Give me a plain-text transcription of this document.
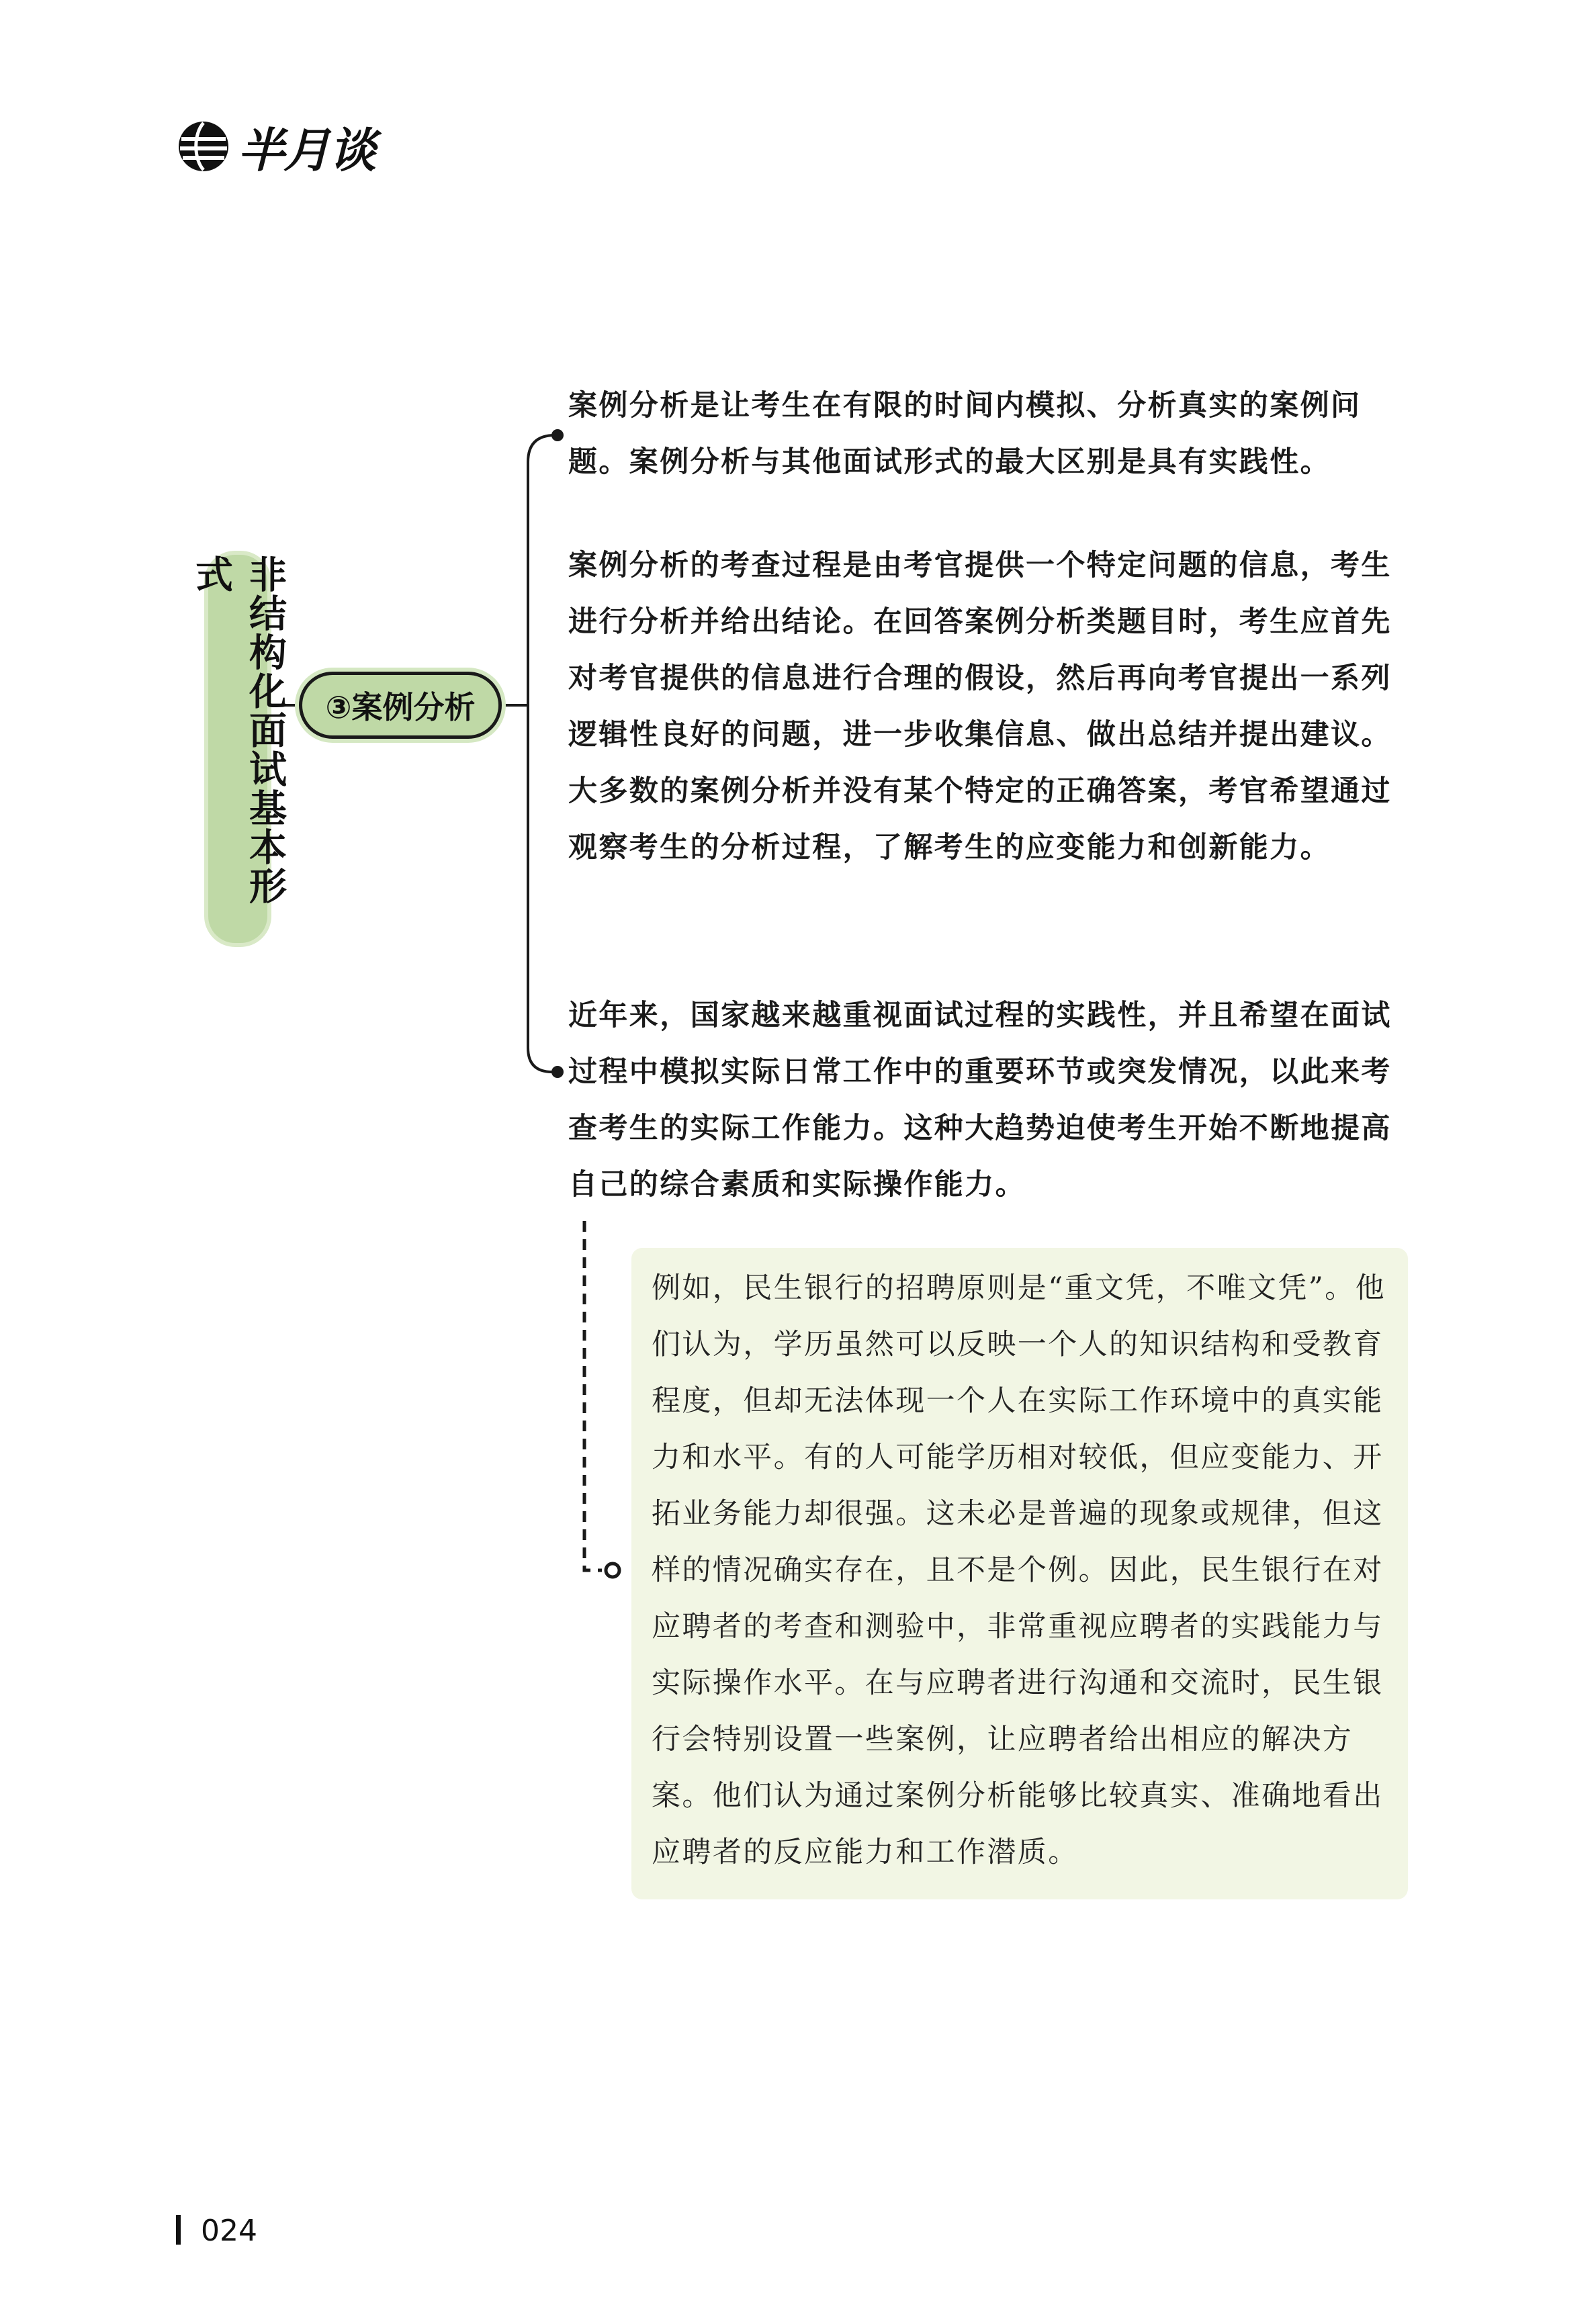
半月谈
非结构化面试基本形式
③案例分析

案例分析是让考生在有限的时间内模拟、分析真实的案例问题。案例分析与其他面试形式的最大区别是具有实践性。

案例分析的考查过程是由考官提供一个特定问题的信息，考生进行分析并给出结论。在回答案例分析类题目时，考生应首先对考官提供的信息进行合理的假设，然后再向考官提出一系列逻辑性良好的问题，进一步收集信息、做出总结并提出建议。大多数的案例分析并没有某个特定的正确答案，考官希望通过观察考生的分析过程，了解考生的应变能力和创新能力。

近年来，国家越来越重视面试过程的实践性，并且希望在面试过程中模拟实际日常工作中的重要环节或突发情况，以此来考查考生的实际工作能力。这种大趋势迫使考生开始不断地提高自己的综合素质和实际操作能力。

例如，民生银行的招聘原则是“重文凭，不唯文凭”。他们认为，学历虽然可以反映一个人的知识结构和受教育程度，但却无法体现一个人在实际工作环境中的真实能力和水平。有的人可能学历相对较低，但应变能力、开拓业务能力却很强。这未必是普遍的现象或规律，但这样的情况确实存在，且不是个例。因此，民生银行在对应聘者的考查和测验中，非常重视应聘者的实践能力与实际操作水平。在与应聘者进行沟通和交流时，民生银行会特别设置一些案例，让应聘者给出相应的解决方案。他们认为通过案例分析能够比较真实、准确地看出应聘者的反应能力和工作潜质。

024
